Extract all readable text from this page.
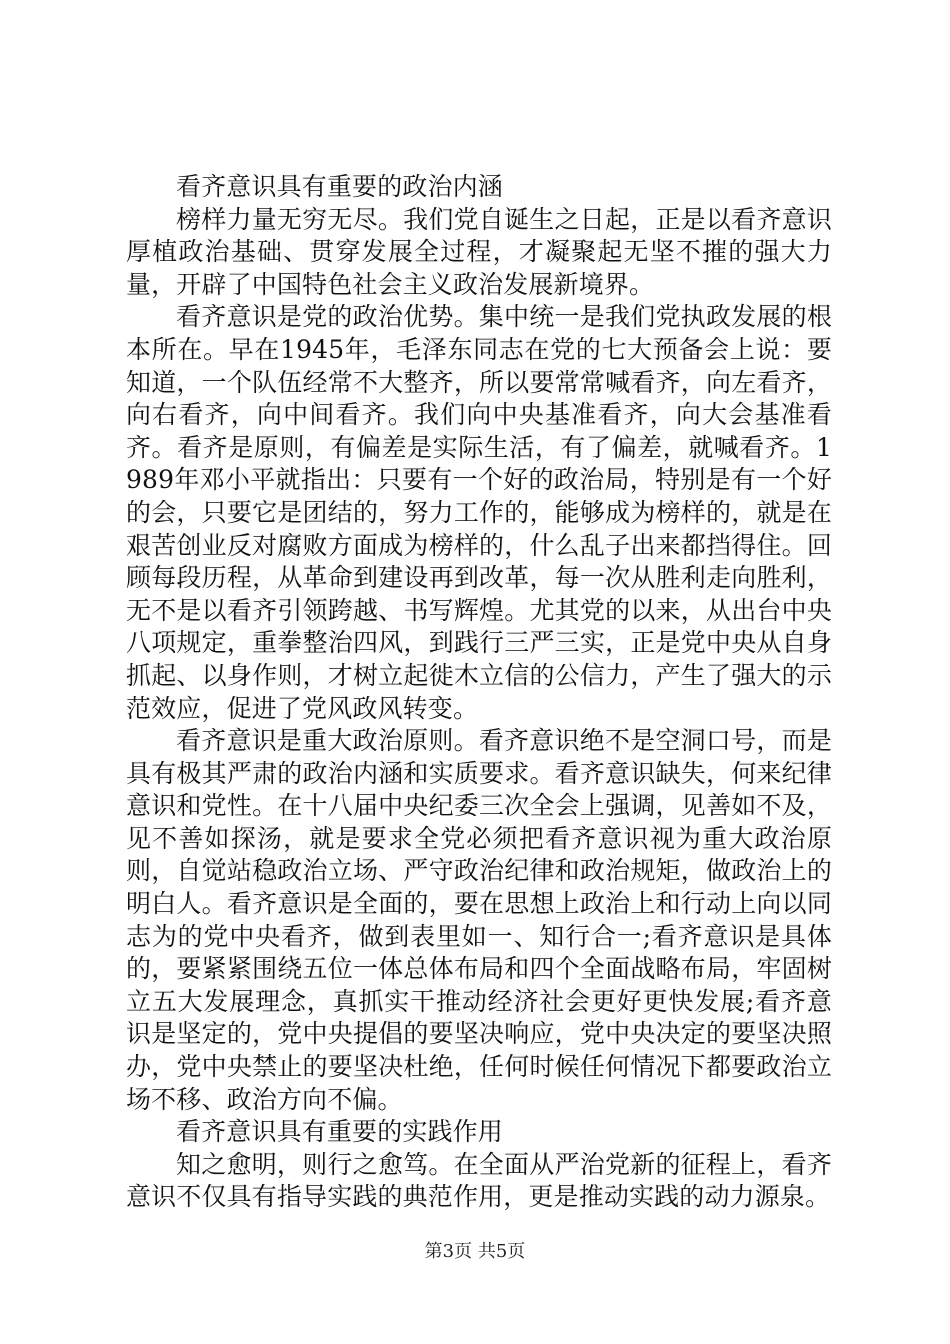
看齐意识具有重要的政治内涵

榜样力量无穷无尽。我们党自诞生之日起，正是以看齐意识厚植政治基础、贯穿发展全过程，才凝聚起无坚不摧的强大力量，开辟了中国特色社会主义政治发展新境界。

看齐意识是党的政治优势。集中统一是我们党执政发展的根本所在。早在1945年，毛泽东同志在党的七大预备会上说：要知道，一个队伍经常不大整齐，所以要常常喊看齐，向左看齐，向右看齐，向中间看齐。我们向中央基准看齐，向大会基准看齐。看齐是原则，有偏差是实际生活，有了偏差，就喊看齐。1989年邓小平就指出：只要有一个好的政治局，特别是有一个好的会，只要它是团结的，努力工作的，能够成为榜样的，就是在艰苦创业反对腐败方面成为榜样的，什么乱子出来都挡得住。回顾每段历程，从革命到建设再到改革，每一次从胜利走向胜利，无不是以看齐引领跨越、书写辉煌。尤其党的以来，从出台中央八项规定，重拳整治四风，到践行三严三实，正是党中央从自身抓起、以身作则，才树立起徙木立信的公信力，产生了强大的示范效应，促进了党风政风转变。

看齐意识是重大政治原则。看齐意识绝不是空洞口号，而是具有极其严肃的政治内涵和实质要求。看齐意识缺失，何来纪律意识和党性。在十八届中央纪委三次全会上强调，见善如不及，见不善如探汤，就是要求全党必须把看齐意识视为重大政治原则，自觉站稳政治立场、严守政治纪律和政治规矩，做政治上的明白人。看齐意识是全面的，要在思想上政治上和行动上向以同志为的党中央看齐，做到表里如一、知行合一;看齐意识是具体的，要紧紧围绕五位一体总体布局和四个全面战略布局，牢固树立五大发展理念，真抓实干推动经济社会更好更快发展;看齐意识是坚定的，党中央提倡的要坚决响应，党中央决定的要坚决照办，党中央禁止的要坚决杜绝，任何时候任何情况下都要政治立场不移、政治方向不偏。

看齐意识具有重要的实践作用

知之愈明，则行之愈笃。在全面从严治党新的征程上，看齐意识不仅具有指导实践的典范作用，更是推动实践的动力源泉。

第3页 共5页
